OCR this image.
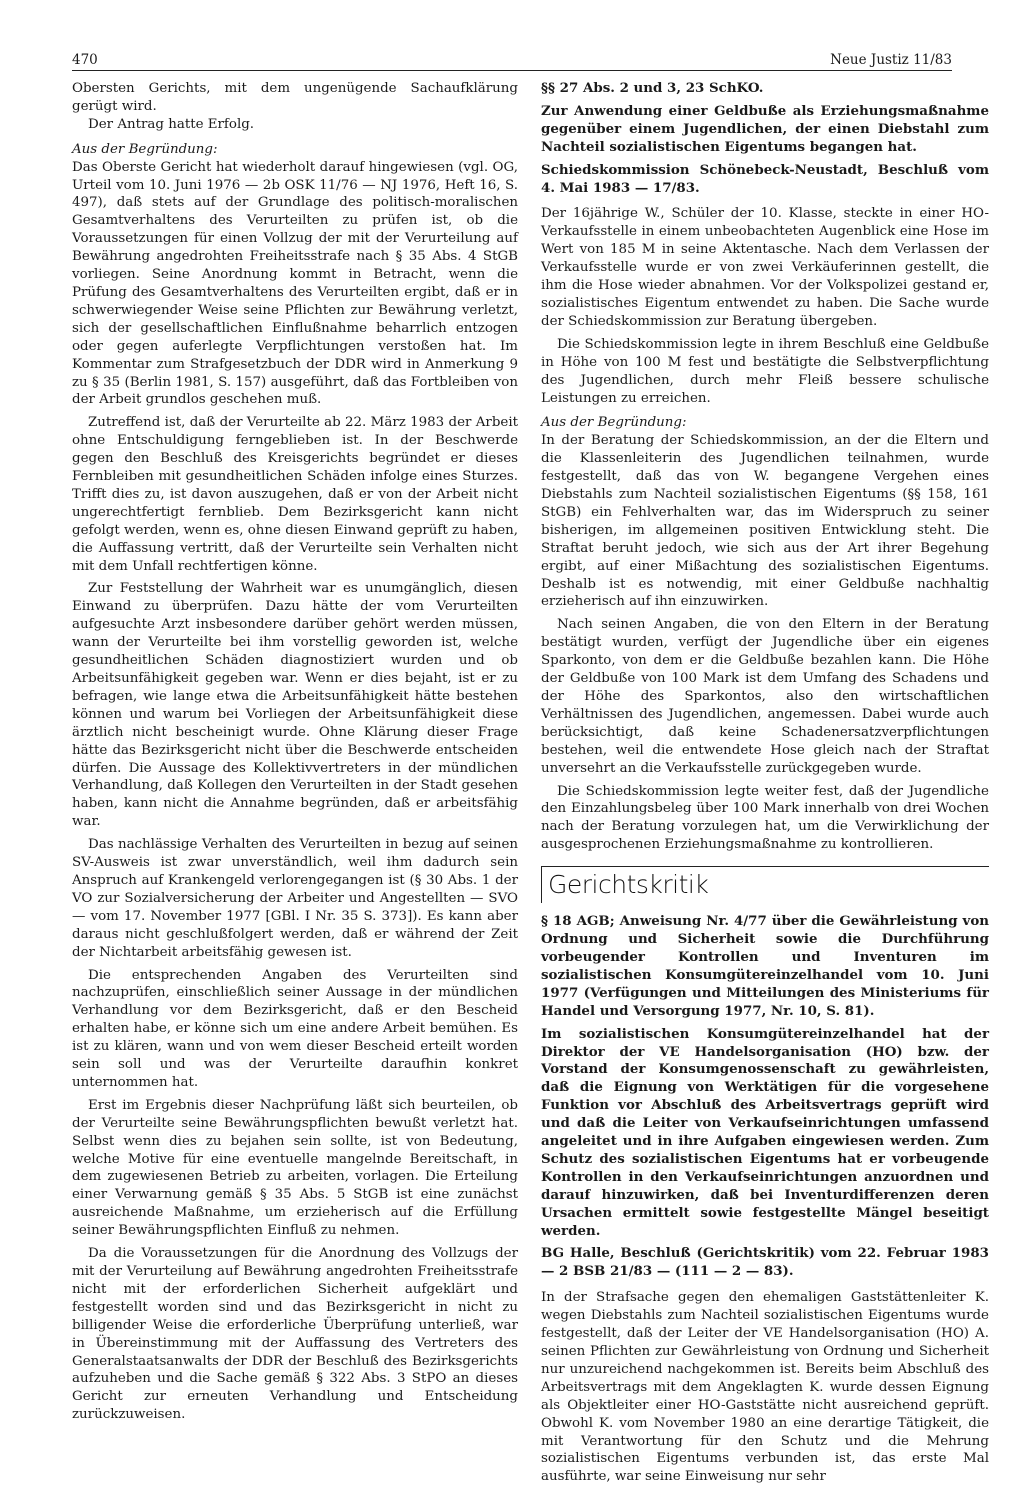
470	Neue Justiz 11/83

Obersten Gerichts, mit dem ungenügende Sachaufklärung gerügt wird.

Der Antrag hatte Erfolg.

Aus der Begründung:

Das Oberste Gericht hat wiederholt darauf hingewiesen (vgl. OG, Urteil vom 10. Juni 1976 — 2b OSK 11/76 — NJ 1976, Heft 16, S. 497), daß stets auf der Grundlage des politisch-moralischen Gesamtverhaltens des Verurteilten zu prüfen ist, ob die Voraussetzungen für einen Vollzug der mit der Verurteilung auf Bewährung angedrohten Freiheitsstrafe nach § 35 Abs. 4 StGB vorliegen. Seine Anordnung kommt in Betracht, wenn die Prüfung des Gesamtverhaltens des Verurteilten ergibt, daß er in schwerwiegender Weise seine Pflichten zur Bewährung verletzt, sich der gesellschaftlichen Einflußnahme beharrlich entzogen oder gegen auferlegte Verpflichtungen verstoßen hat. Im Kommentar zum Strafgesetzbuch der DDR wird in Anmerkung 9 zu § 35 (Berlin 1981, S. 157) ausgeführt, daß das Fortbleiben von der Arbeit grundlos geschehen muß.

Zutreffend ist, daß der Verurteilte ab 22. März 1983 der Arbeit ohne Entschuldigung ferngeblieben ist. In der Beschwerde gegen den Beschluß des Kreisgerichts begründet er dieses Fernbleiben mit gesundheitlichen Schäden infolge eines Sturzes. Trifft dies zu, ist davon auszugehen, daß er von der Arbeit nicht ungerechtfertigt fernblieb. Dem Bezirksgericht kann nicht gefolgt werden, wenn es, ohne diesen Einwand geprüft zu haben, die Auffassung vertritt, daß der Verurteilte sein Verhalten nicht mit dem Unfall rechtfertigen könne.

Zur Feststellung der Wahrheit war es unumgänglich, diesen Einwand zu überprüfen. Dazu hätte der vom Verurteilten aufgesuchte Arzt insbesondere darüber gehört werden müssen, wann der Verurteilte bei ihm vorstellig geworden ist, welche gesundheitlichen Schäden diagnostiziert wurden und ob Arbeitsunfähigkeit gegeben war. Wenn er dies bejaht, ist er zu befragen, wie lange etwa die Arbeitsunfähigkeit hätte bestehen können und warum bei Vorliegen der Arbeitsunfähigkeit diese ärztlich nicht bescheinigt wurde. Ohne Klärung dieser Frage hätte das Bezirksgericht nicht über die Beschwerde entscheiden dürfen. Die Aussage des Kollektivvertreters in der mündlichen Verhandlung, daß Kollegen den Verurteilten in der Stadt gesehen haben, kann nicht die Annahme begründen, daß er arbeitsfähig war.

Das nachlässige Verhalten des Verurteilten in bezug auf seinen SV-Ausweis ist zwar unverständlich, weil ihm dadurch sein Anspruch auf Krankengeld verlorengegangen ist (§ 30 Abs. 1 der VO zur Sozialversicherung der Arbeiter und Angestellten — SVO — vom 17. November 1977 [GBl. I Nr. 35 S. 373]). Es kann aber daraus nicht geschlußfolgert werden, daß er während der Zeit der Nichtarbeit arbeitsfähig gewesen ist.

Die entsprechenden Angaben des Verurteilten sind nachzuprüfen, einschließlich seiner Aussage in der mündlichen Verhandlung vor dem Bezirksgericht, daß er den Bescheid erhalten habe, er könne sich um eine andere Arbeit bemühen. Es ist zu klären, wann und von wem dieser Bescheid erteilt worden sein soll und was der Verurteilte daraufhin konkret unternommen hat.

Erst im Ergebnis dieser Nachprüfung läßt sich beurteilen, ob der Verurteilte seine Bewährungspflichten bewußt verletzt hat. Selbst wenn dies zu bejahen sein sollte, ist von Bedeutung, welche Motive für eine eventuelle mangelnde Bereitschaft, in dem zugewiesenen Betrieb zu arbeiten, vorlagen. Die Erteilung einer Verwarnung gemäß § 35 Abs. 5 StGB ist eine zunächst ausreichende Maßnahme, um erzieherisch auf die Erfüllung seiner Bewährungspflichten Einfluß zu nehmen.

Da die Voraussetzungen für die Anordnung des Vollzugs der mit der Verurteilung auf Bewährung angedrohten Freiheitsstrafe nicht mit der erforderlichen Sicherheit aufgeklärt und festgestellt worden sind und das Bezirksgericht in nicht zu billigender Weise die erforderliche Überprüfung unterließ, war in Übereinstimmung mit der Auffassung des Vertreters des Generalstaatsanwalts der DDR der Beschluß des Bezirksgerichts aufzuheben und die Sache gemäß § 322 Abs. 3 StPO an dieses Gericht zur erneuten Verhandlung und Entscheidung zurückzuweisen.

§§ 27 Abs. 2 und 3, 23 SchKO.

Zur Anwendung einer Geldbuße als Erziehungsmaßnahme gegenüber einem Jugendlichen, der einen Diebstahl zum Nachteil sozialistischen Eigentums begangen hat.

Schiedskommission Schönebeck-Neustadt, Beschluß vom 4. Mai 1983 — 17/83.

Der 16jährige W., Schüler der 10. Klasse, steckte in einer HO-Verkaufsstelle in einem unbeobachteten Augenblick eine Hose im Wert von 185 M in seine Aktentasche. Nach dem Verlassen der Verkaufsstelle wurde er von zwei Verkäuferinnen gestellt, die ihm die Hose wieder abnahmen. Vor der Volkspolizei gestand er, sozialistisches Eigentum entwendet zu haben. Die Sache wurde der Schiedskommission zur Beratung übergeben.

Die Schiedskommission legte in ihrem Beschluß eine Geldbuße in Höhe von 100 M fest und bestätigte die Selbstverpflichtung des Jugendlichen, durch mehr Fleiß bessere schulische Leistungen zu erreichen.

Aus der Begründung:

In der Beratung der Schiedskommission, an der die Eltern und die Klassenleiterin des Jugendlichen teilnahmen, wurde festgestellt, daß das von W. begangene Vergehen eines Diebstahls zum Nachteil sozialistischen Eigentums (§§ 158, 161 StGB) ein Fehlverhalten war, das im Widerspruch zu seiner bisherigen, im allgemeinen positiven Entwicklung steht. Die Straftat beruht jedoch, wie sich aus der Art ihrer Begehung ergibt, auf einer Mißachtung des sozialistischen Eigentums. Deshalb ist es notwendig, mit einer Geldbuße nachhaltig erzieherisch auf ihn einzuwirken.

Nach seinen Angaben, die von den Eltern in der Beratung bestätigt wurden, verfügt der Jugendliche über ein eigenes Sparkonto, von dem er die Geldbuße bezahlen kann. Die Höhe der Geldbuße von 100 Mark ist dem Umfang des Schadens und der Höhe des Sparkontos, also den wirtschaftlichen Verhältnissen des Jugendlichen, angemessen. Dabei wurde auch berücksichtigt, daß keine Schadenersatzverpflichtungen bestehen, weil die entwendete Hose gleich nach der Straftat unversehrt an die Verkaufsstelle zurückgegeben wurde.

Die Schiedskommission legte weiter fest, daß der Jugendliche den Einzahlungsbeleg über 100 Mark innerhalb von drei Wochen nach der Beratung vorzulegen hat, um die Verwirklichung der ausgesprochenen Erziehungsmaßnahme zu kontrollieren.

Gerichtskritik

§ 18 AGB; Anweisung Nr. 4/77 über die Gewährleistung von Ordnung und Sicherheit sowie die Durchführung vorbeugender Kontrollen und Inventuren im sozialistischen Konsumgütereinzelhandel vom 10. Juni 1977 (Verfügungen und Mitteilungen des Ministeriums für Handel und Versorgung 1977, Nr. 10, S. 81).

Im sozialistischen Konsumgütereinzelhandel hat der Direktor der VE Handelsorganisation (HO) bzw. der Vorstand der Konsumgenossenschaft zu gewährleisten, daß die Eignung von Werktätigen für die vorgesehene Funktion vor Abschluß des Arbeitsvertrags geprüft wird und daß die Leiter von Verkaufseinrichtungen umfassend angeleitet und in ihre Aufgaben eingewiesen werden. Zum Schutz des sozialistischen Eigentums hat er vorbeugende Kontrollen in den Verkaufseinrichtungen anzuordnen und darauf hinzuwirken, daß bei Inventurdifferenzen deren Ursachen ermittelt sowie festgestellte Mängel beseitigt werden.

BG Halle, Beschluß (Gerichtskritik) vom 22. Februar 1983 — 2 BSB 21/83 — (111 — 2 — 83).

In der Strafsache gegen den ehemaligen Gaststättenleiter K. wegen Diebstahls zum Nachteil sozialistischen Eigentums wurde festgestellt, daß der Leiter der VE Handelsorganisation (HO) A. seinen Pflichten zur Gewährleistung von Ordnung und Sicherheit nur unzureichend nachgekommen ist. Bereits beim Abschluß des Arbeitsvertrags mit dem Angeklagten K. wurde dessen Eignung als Objektleiter einer HO-Gaststätte nicht ausreichend geprüft. Obwohl K. vom November 1980 an eine derartige Tätigkeit, die mit Verantwortung für den Schutz und die Mehrung sozialistischen Eigentums verbunden ist, das erste Mal ausführte, war seine Einweisung nur sehr
